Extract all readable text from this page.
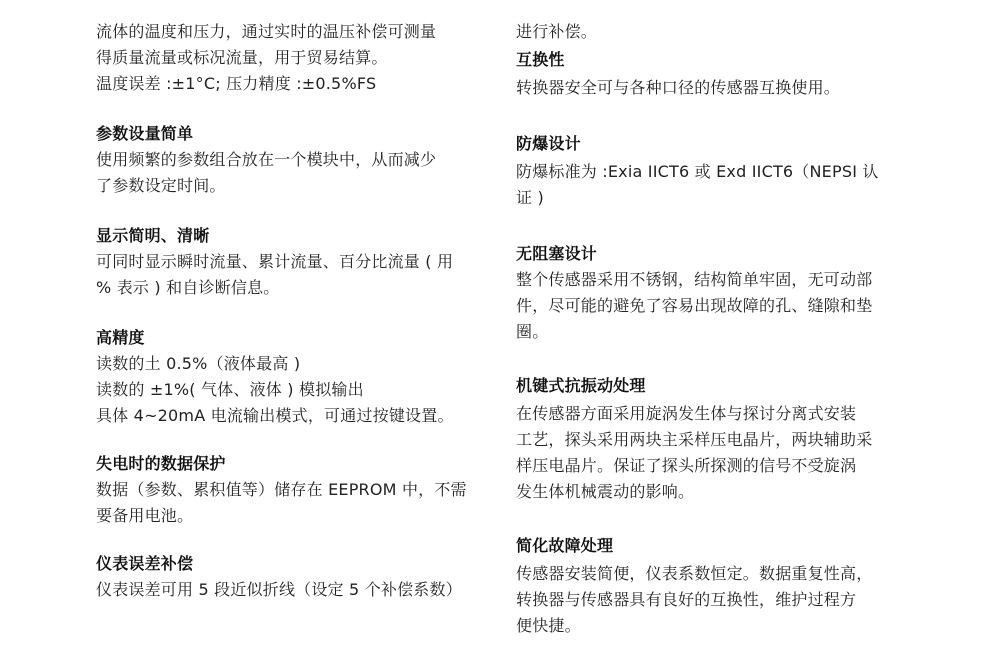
流体的温度和压力，通过实时的温压补偿可测量
得质量流量或标况流量，用于贸易结算。
温度误差 :±1°C; 压力精度 :±0.5%FS
参数设量简单
使用频繁的参数组合放在一个模块中，从而减少
了参数设定时间。
显示简明、清晰
可同时显示瞬时流量、累计流量、百分比流量 ( 用
% 表示 ) 和自诊断信息。
高精度
读数的土 0.5%（液体最高 )
读数的 ±1%( 气体、液体 ) 模拟输出
具体 4~20mA 电流输出模式，可通过按键设置。
失电时的数据保护
数据（参数、累积值等）储存在 EEPROM 中，不需
要备用电池。
仪表误差补偿
仪表误差可用 5 段近似折线（设定 5 个补偿系数）
进行补偿。
互换性
转换器安全可与各种口径的传感器互换使用。
防爆设计
防爆标准为 :Exia IICT6 或 Exd IICT6（NEPSI 认
证 )
无阻塞设计
整个传感器采用不锈钢，结构简单牢固，无可动部
件，尽可能的避免了容易出现故障的孔、缝隙和垫
圈。
机键式抗振动处理
在传感器方面采用旋涡发生体与探讨分离式安装
工艺，探头采用两块主采样压电晶片，两块辅助采
样压电晶片。保证了探头所探测的信号不受旋涡
发生体机械震动的影响。
简化故障处理
传感器安装简便，仪表系数恒定。数据重复性高，
转换器与传感器具有良好的互换性，维护过程方
便快捷。
